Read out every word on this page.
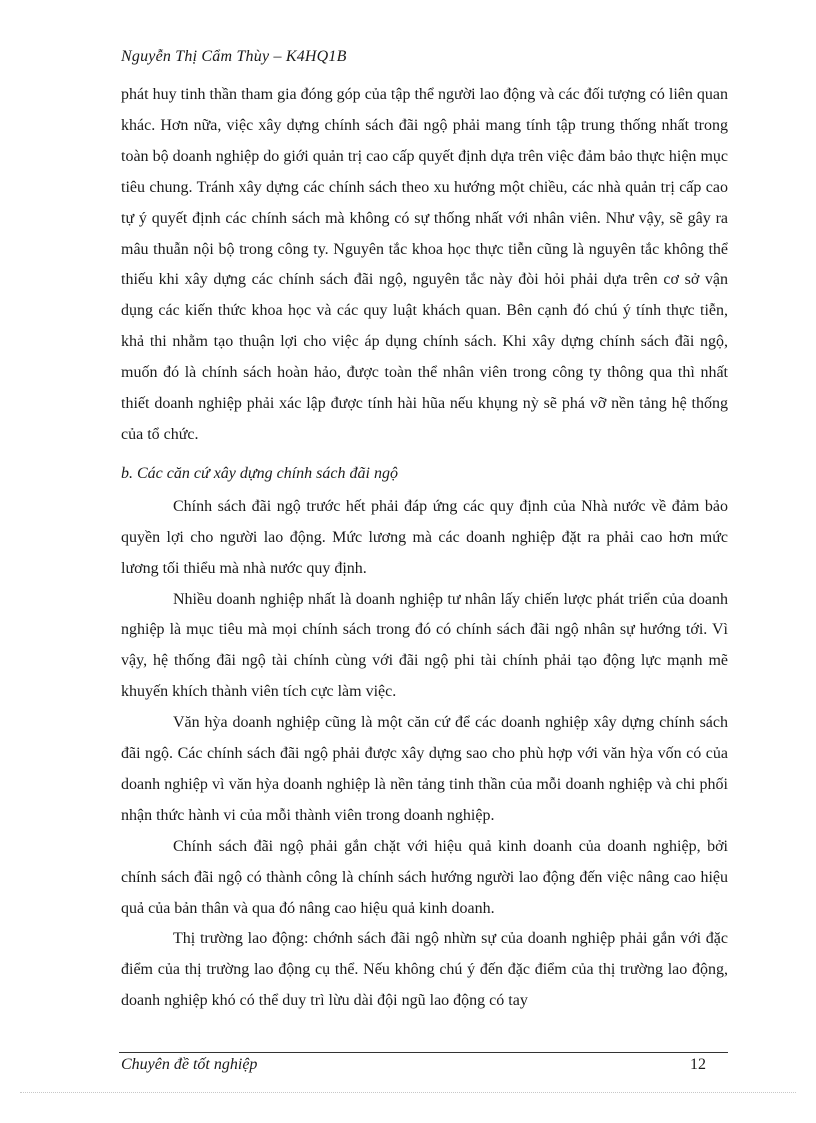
Nguyễn Thị Cẩm Thùy – K4HQ1B

phát huy tinh thần tham gia đóng góp của tập thể người lao động và các đối tượng có liên quan khác. Hơn nữa, việc xây dựng chính sách đãi ngộ phải mang tính tập trung thống nhất trong toàn bộ doanh nghiệp do giới quản trị cao cấp quyết định dựa trên việc đảm bảo thực hiện mục tiêu chung. Tránh xây dựng các chính sách theo xu hướng một chiều, các nhà quản trị cấp cao tự ý quyết định các chính sách mà không có sự thống nhất với nhân viên. Như vậy, sẽ gây ra mâu thuẫn nội bộ trong công ty. Nguyên tắc khoa học thực tiễn cũng là nguyên tắc không thể thiếu khi xây dựng các chính sách đãi ngộ, nguyên tắc này đòi hỏi phải dựa trên cơ sở vận dụng các kiến thức khoa học và các quy luật khách quan. Bên cạnh đó chú ý tính thực tiễn, khả thi nhằm tạo thuận lợi cho việc áp dụng chính sách. Khi xây dựng chính sách đãi ngộ, muốn đó là chính sách hoàn hảo, được toàn thể nhân viên trong công ty thông qua thì nhất thiết doanh nghiệp phải xác lập được tính hài hũa nếu khụng nỳ sẽ phá vỡ nền tảng hệ thống của tổ chức.

b. Các căn cứ xây dựng chính sách đãi ngộ

Chính sách đãi ngộ trước hết phải đáp ứng các quy định của Nhà nước về đảm bảo quyền lợi cho người lao động. Mức lương mà các doanh nghiệp đặt ra phải cao hơn mức lương tối thiểu mà nhà nước quy định.

Nhiều doanh nghiệp nhất là doanh nghiệp tư nhân lấy chiến lược phát triển của doanh nghiệp là mục tiêu mà mọi chính sách trong đó có chính sách đãi ngộ nhân sự hướng tới. Vì vậy, hệ thống đãi ngộ tài chính cùng với đãi ngộ phi tài chính phải tạo động lực mạnh mẽ khuyến khích thành viên tích cực làm việc.

Văn hỳa doanh nghiệp cũng là một căn cứ để các doanh nghiệp xây dựng chính sách đãi ngộ. Các chính sách đãi ngộ phải được xây dựng sao cho phù hợp với văn hỳa vốn có của doanh nghiệp vì văn hỳa doanh nghiệp là nền tảng tinh thần của mỗi doanh nghiệp và chi phối nhận thức hành vi của mỗi thành viên trong doanh nghiệp.

Chính sách đãi ngộ phải gắn chặt với hiệu quả kinh doanh của doanh nghiệp, bởi chính sách đãi ngộ có thành công là chính sách hướng người lao động đến việc nâng cao hiệu quả của bản thân và qua đó nâng cao hiệu quả kinh doanh.

Thị trường lao động: chớnh sách đãi ngộ nhừn sự của doanh nghiệp phải gắn với đặc điểm của thị trường lao động cụ thể. Nếu không chú ý đến đặc điểm của thị trường lao động, doanh nghiệp khó có thể duy trì lừu dài đội ngũ lao động có tay

Chuyên đề tốt nghiệp	12
